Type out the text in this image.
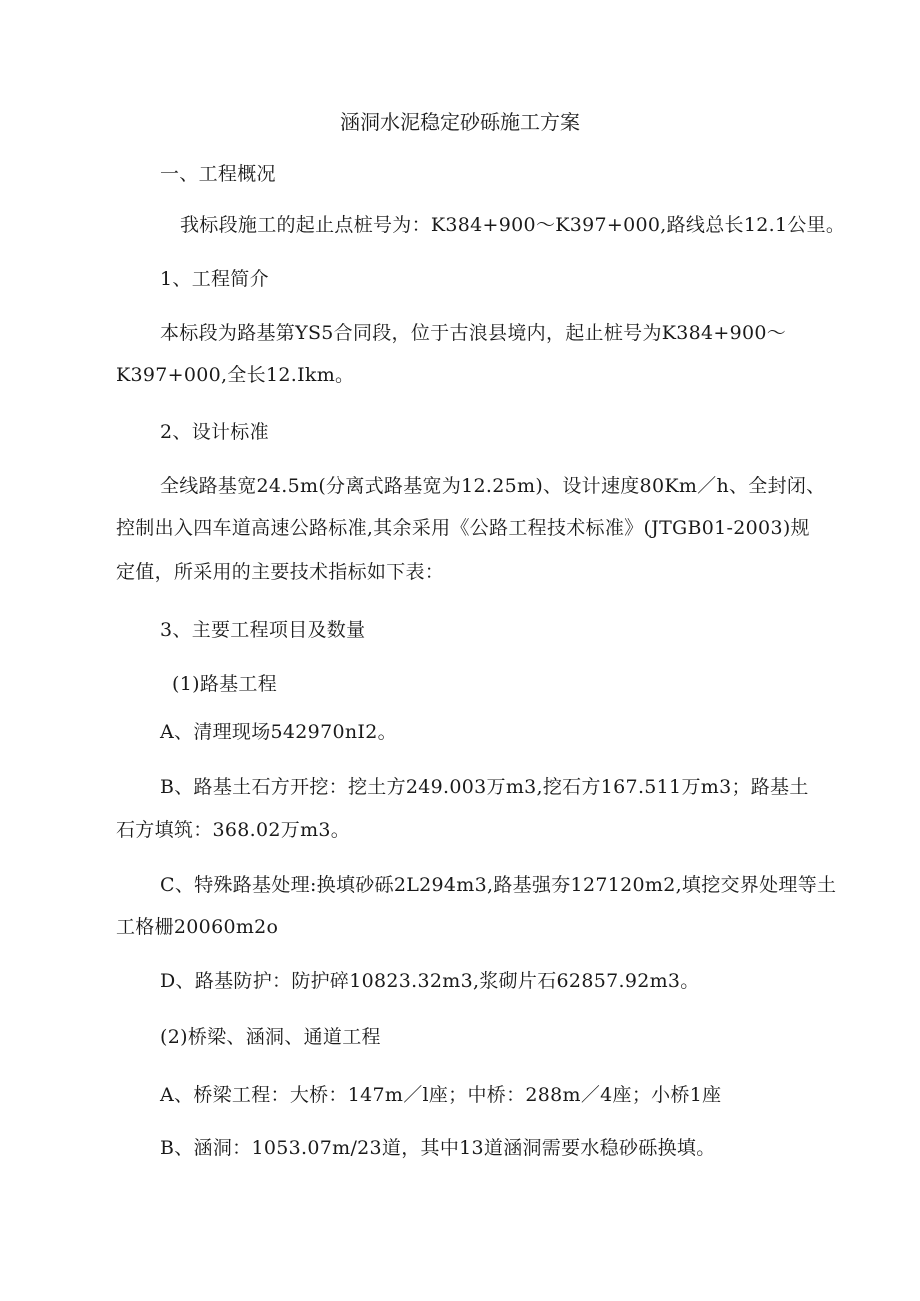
涵洞水泥稳定砂砾施工方案
一、工程概况
我标段施工的起止点桩号为：K384+900～K397+000,路线总长12.1公里。
1、工程简介
本标段为路基第YS5合同段，位于古浪县境内，起止桩号为K384+900～
K397+000,全长12.Ikm。
2、设计标准
全线路基宽24.5m(分离式路基宽为12.25m)、设计速度80Km／h、全封闭、
控制出入四车道高速公路标准,其余采用《公路工程技术标准》(JTGB01-2003)规
定值，所采用的主要技术指标如下表：
3、主要工程项目及数量
(1)路基工程
A、清理现场542970nI2。
B、路基土石方开挖：挖土方249.003万m3,挖石方167.511万m3；路基土
石方填筑：368.02万m3。
C、特殊路基处理:换填砂砾2L294m3,路基强夯127120m2,填挖交界处理等土
工格栅20060m2o
D、路基防护：防护碎10823.32m3,浆砌片石62857.92m3。
(2)桥梁、涵洞、通道工程
A、桥梁工程：大桥：147m／l座；中桥：288m／4座；小桥1座
B、涵洞：1053.07m/23道，其中13道涵洞需要水稳砂砾换填。
